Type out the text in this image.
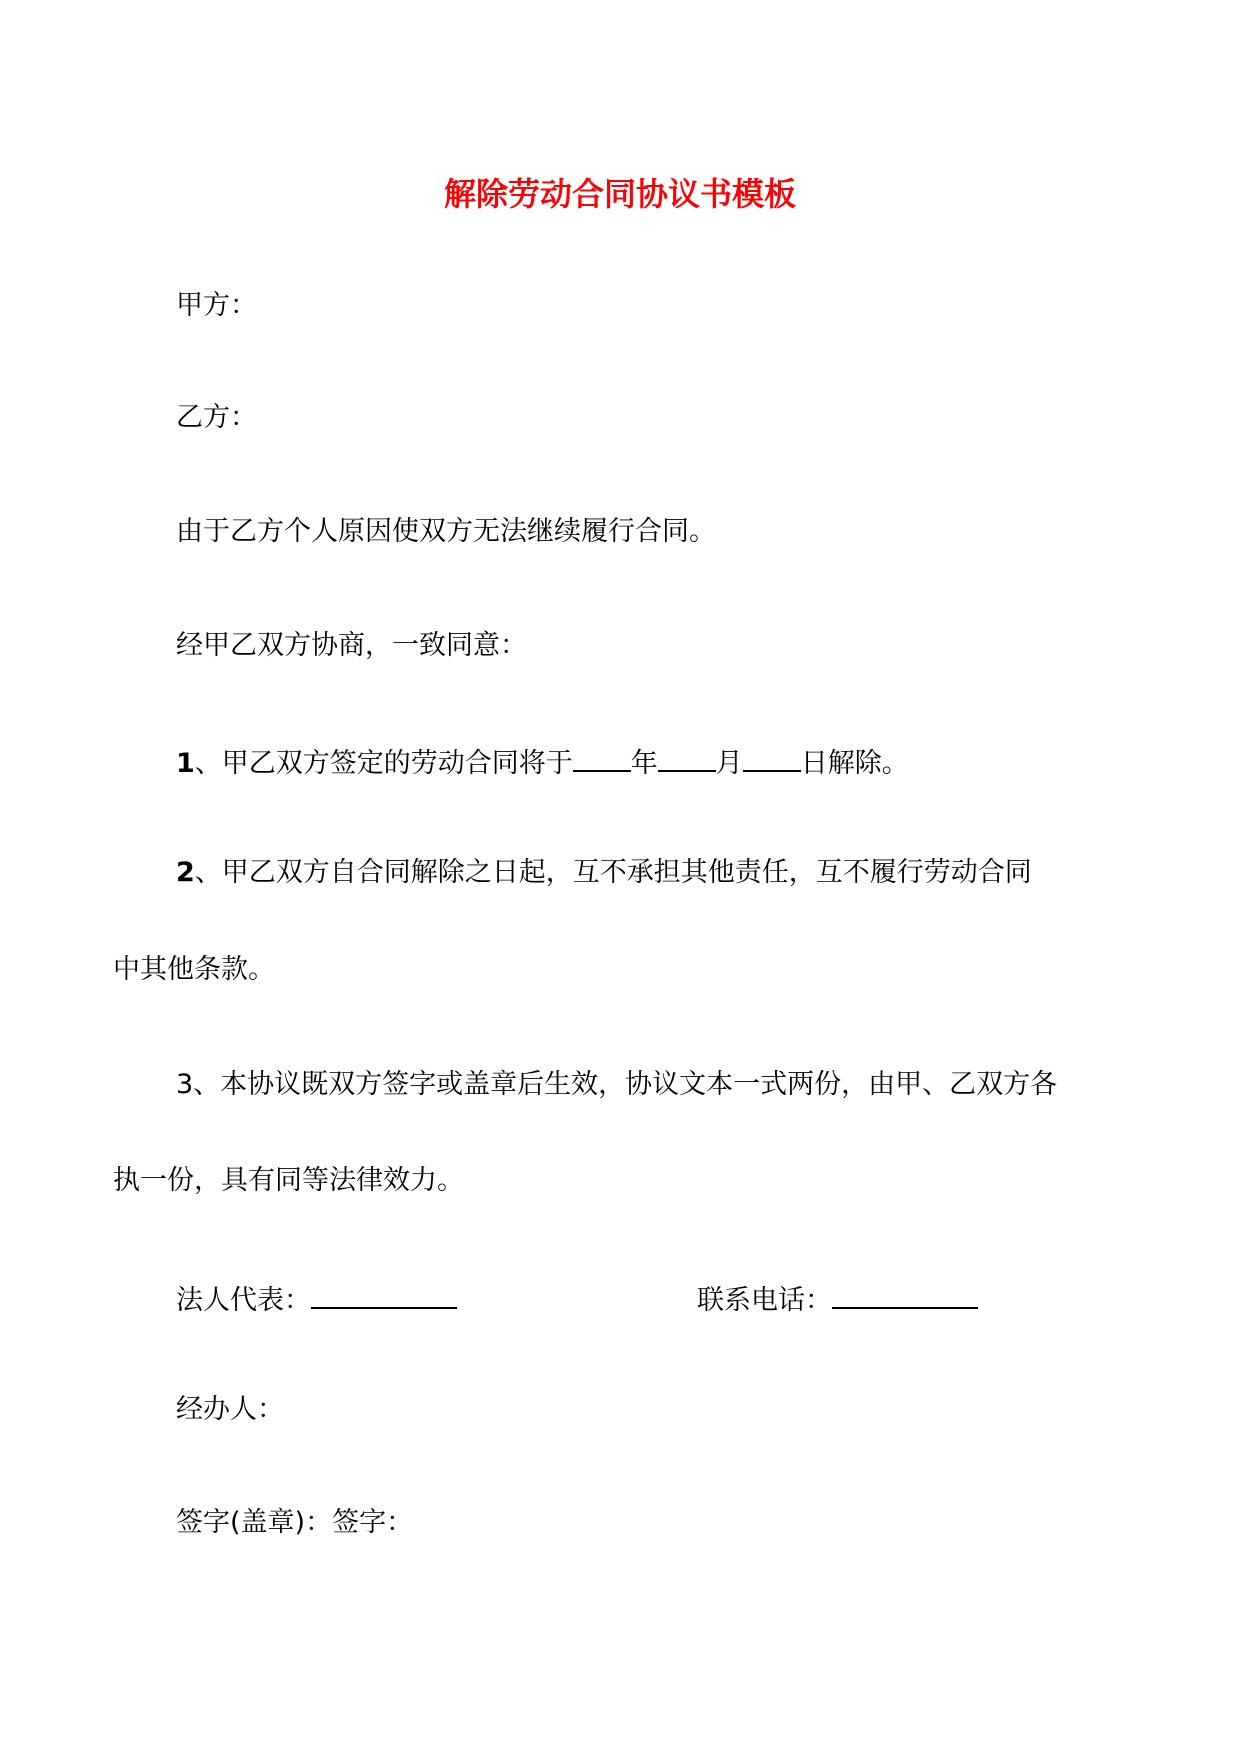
解除劳动合同协议书模板
甲方：
乙方：
由于乙方个人原因使双方无法继续履行合同。
经甲乙双方协商，一致同意：
1、甲乙双方签定的劳动合同将于 年 月 日解除。
2、甲乙双方自合同解除之日起，互不承担其他责任，互不履行劳动合同
中其他条款。
3、本协议既双方签字或盖章后生效，协议文本一式两份，由甲、乙双方各
执一份，具有同等法律效力。
法人代表：	联系电话：
经办人：
签字(盖章)：签字：
